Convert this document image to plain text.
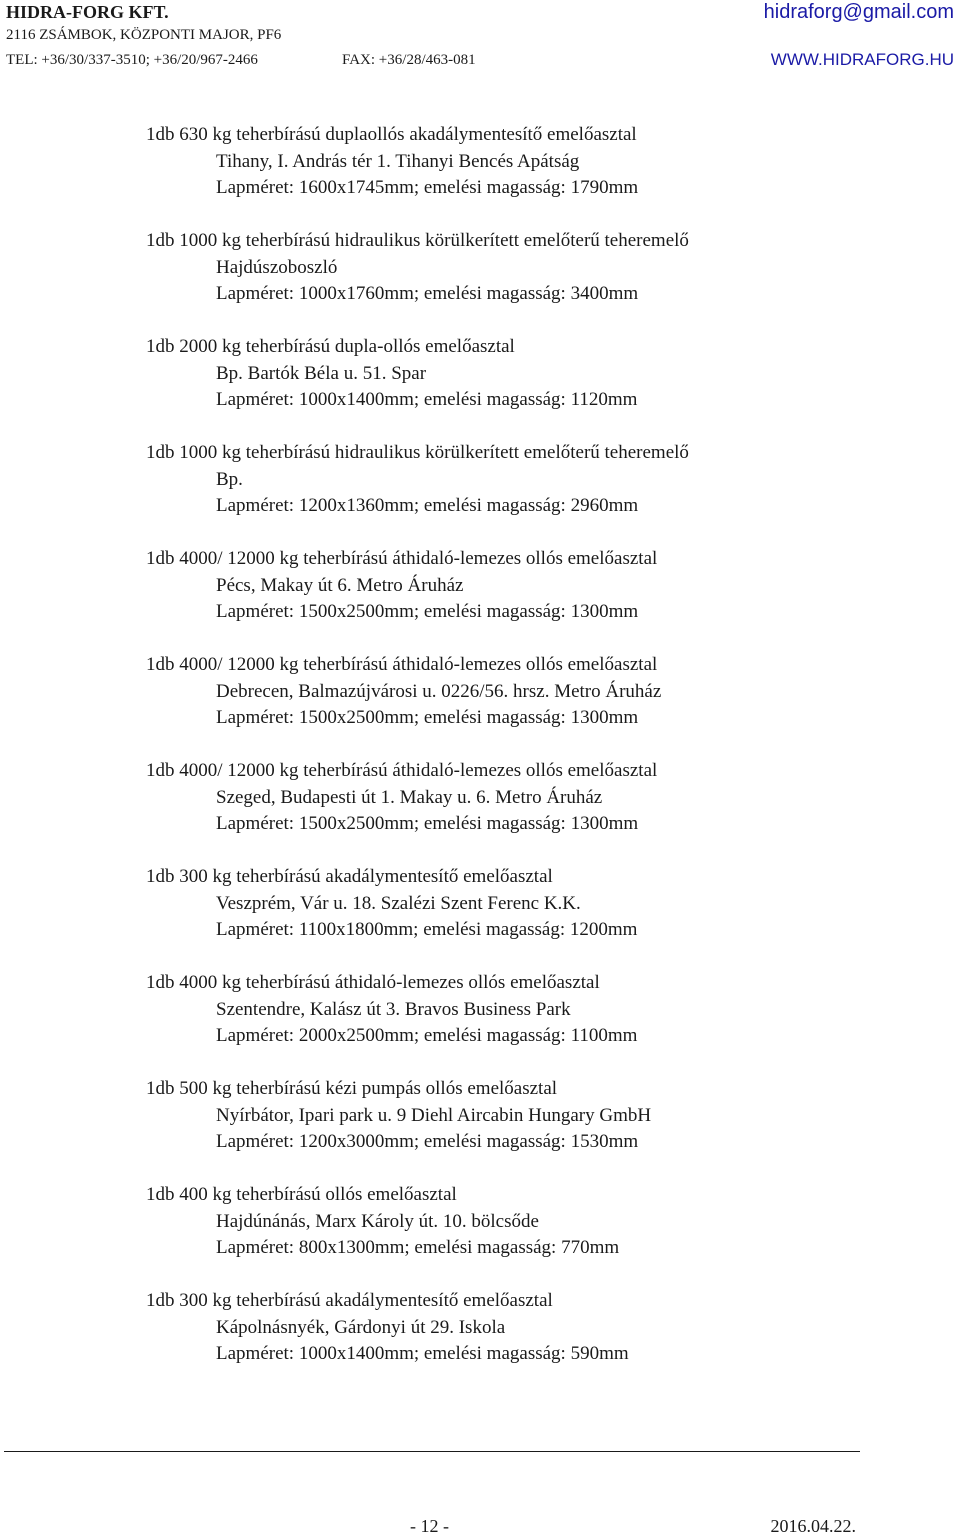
HIDRA-FORG KFT.
2116 ZSÁMBOK, KÖZPONTI MAJOR, PF6
TEL: +36/30/337-3510; +36/20/967-2466	FAX: +36/28/463-081
hidraforg@gmail.com
WWW.HIDRAFORG.HU
1db 630 kg teherbírású duplaollós akadálymentesítő emelőasztal
Tihany, I. András tér 1. Tihanyi Bencés Apátság
Lapméret: 1600x1745mm; emelési magasság: 1790mm
1db 1000 kg teherbírású hidraulikus körülkerített emelőterű teheremelő
Hajdúszoboszló
Lapméret: 1000x1760mm; emelési magasság: 3400mm
1db 2000 kg teherbírású dupla-ollós emelőasztal
Bp. Bartók Béla u. 51. Spar
Lapméret: 1000x1400mm; emelési magasság: 1120mm
1db 1000 kg teherbírású hidraulikus körülkerített emelőterű teheremelő
Bp.
Lapméret: 1200x1360mm; emelési magasság: 2960mm
1db 4000/ 12000 kg teherbírású áthidaló-lemezes ollós emelőasztal
Pécs, Makay út 6. Metro Áruház
Lapméret: 1500x2500mm; emelési magasság: 1300mm
1db 4000/ 12000 kg teherbírású áthidaló-lemezes ollós emelőasztal
Debrecen, Balmazújvárosi u. 0226/56. hrsz. Metro Áruház
Lapméret: 1500x2500mm; emelési magasság: 1300mm
1db 4000/ 12000 kg teherbírású áthidaló-lemezes ollós emelőasztal
Szeged, Budapesti út 1. Makay u. 6. Metro Áruház
Lapméret: 1500x2500mm; emelési magasság: 1300mm
1db 300 kg teherbírású akadálymentesítő emelőasztal
Veszprém, Vár u. 18. Szalézi Szent Ferenc K.K.
Lapméret: 1100x1800mm; emelési magasság: 1200mm
1db 4000 kg teherbírású áthidaló-lemezes ollós emelőasztal
Szentendre, Kalász út 3. Bravos Business Park
Lapméret: 2000x2500mm; emelési magasság: 1100mm
1db 500 kg teherbírású kézi pumpás ollós emelőasztal
Nyírbátor, Ipari park u. 9 Diehl Aircabin Hungary GmbH
Lapméret: 1200x3000mm; emelési magasság: 1530mm
1db 400 kg teherbírású ollós emelőasztal
Hajdúnánás, Marx Károly út. 10. bölcsőde
Lapméret: 800x1300mm; emelési magasság: 770mm
1db 300 kg teherbírású akadálymentesítő emelőasztal
Kápolnásnyék, Gárdonyi út 29. Iskola
Lapméret: 1000x1400mm; emelési magasság: 590mm
- 12 -	2016.04.22.
